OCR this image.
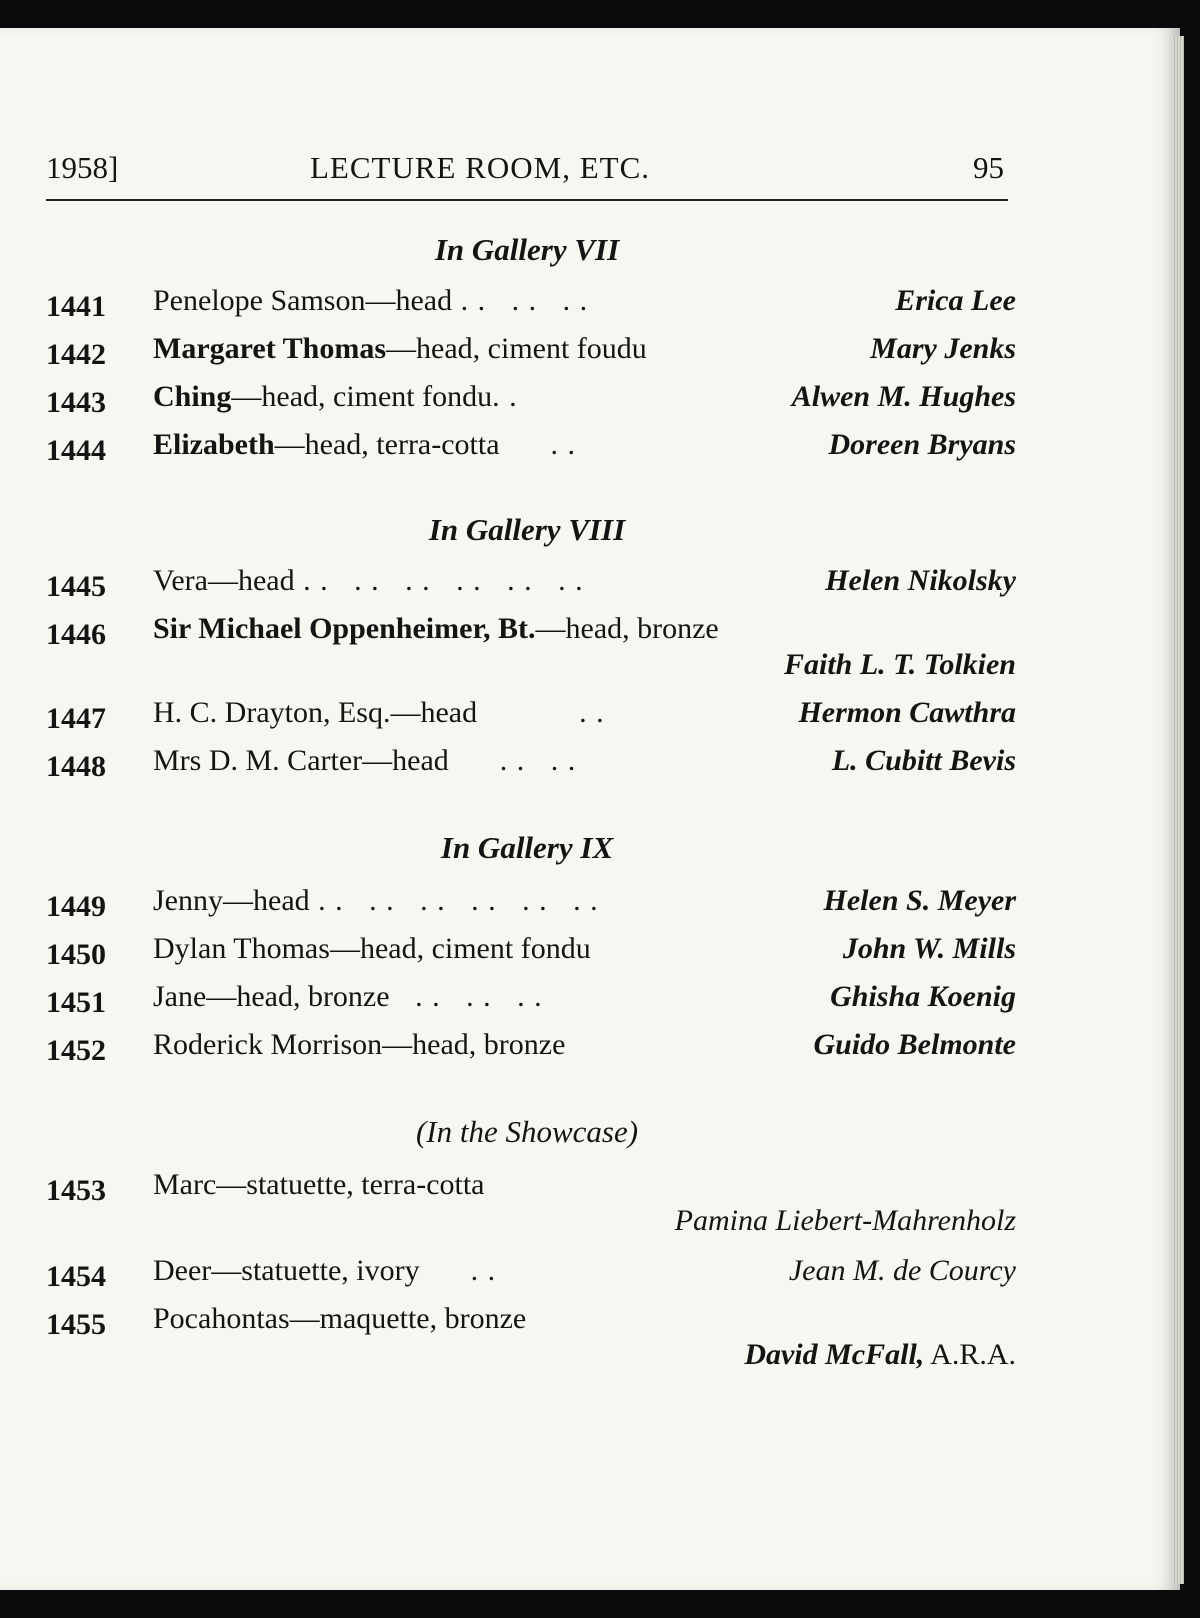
1958]	LECTURE ROOM, ETC.	95
In Gallery VII
1441 Penelope Samson—head . .   . .   . .	Erica Lee
1442 Margaret Thomas—head, ciment foudu	Mary Jenks
1443 Ching—head, ciment fondu. .	Alwen M. Hughes
1444 Elizabeth—head, terra-cotta      . .	Doreen Bryans
In Gallery VIII
1445 Vera—head . .   . .   . .   . .   . .   . .	Helen Nikolsky
1446 Sir Michael Oppenheimer, Bt.—head, bronze
Faith L. T. Tolkien
1447 H. C. Drayton, Esq.—head            . .	Hermon Cawthra
1448 Mrs D. M. Carter—head      . .   . .	L. Cubitt Bevis
In Gallery IX
1449 Jenny—head . .   . .   . .   . .   . .   . .	Helen S. Meyer
1450 Dylan Thomas—head, ciment fondu	John W. Mills
1451 Jane—head, bronze   . .   . .   . .	Ghisha Koenig
1452 Roderick Morrison—head, bronze	Guido Belmonte
(In the Showcase)
1453 Marc—statuette, terra-cotta
Pamina Liebert-Mahrenholz
1454 Deer—statuette, ivory      . .	Jean M. de Courcy
1455 Pocahontas—maquette, bronze
David McFall, A.R.A.
